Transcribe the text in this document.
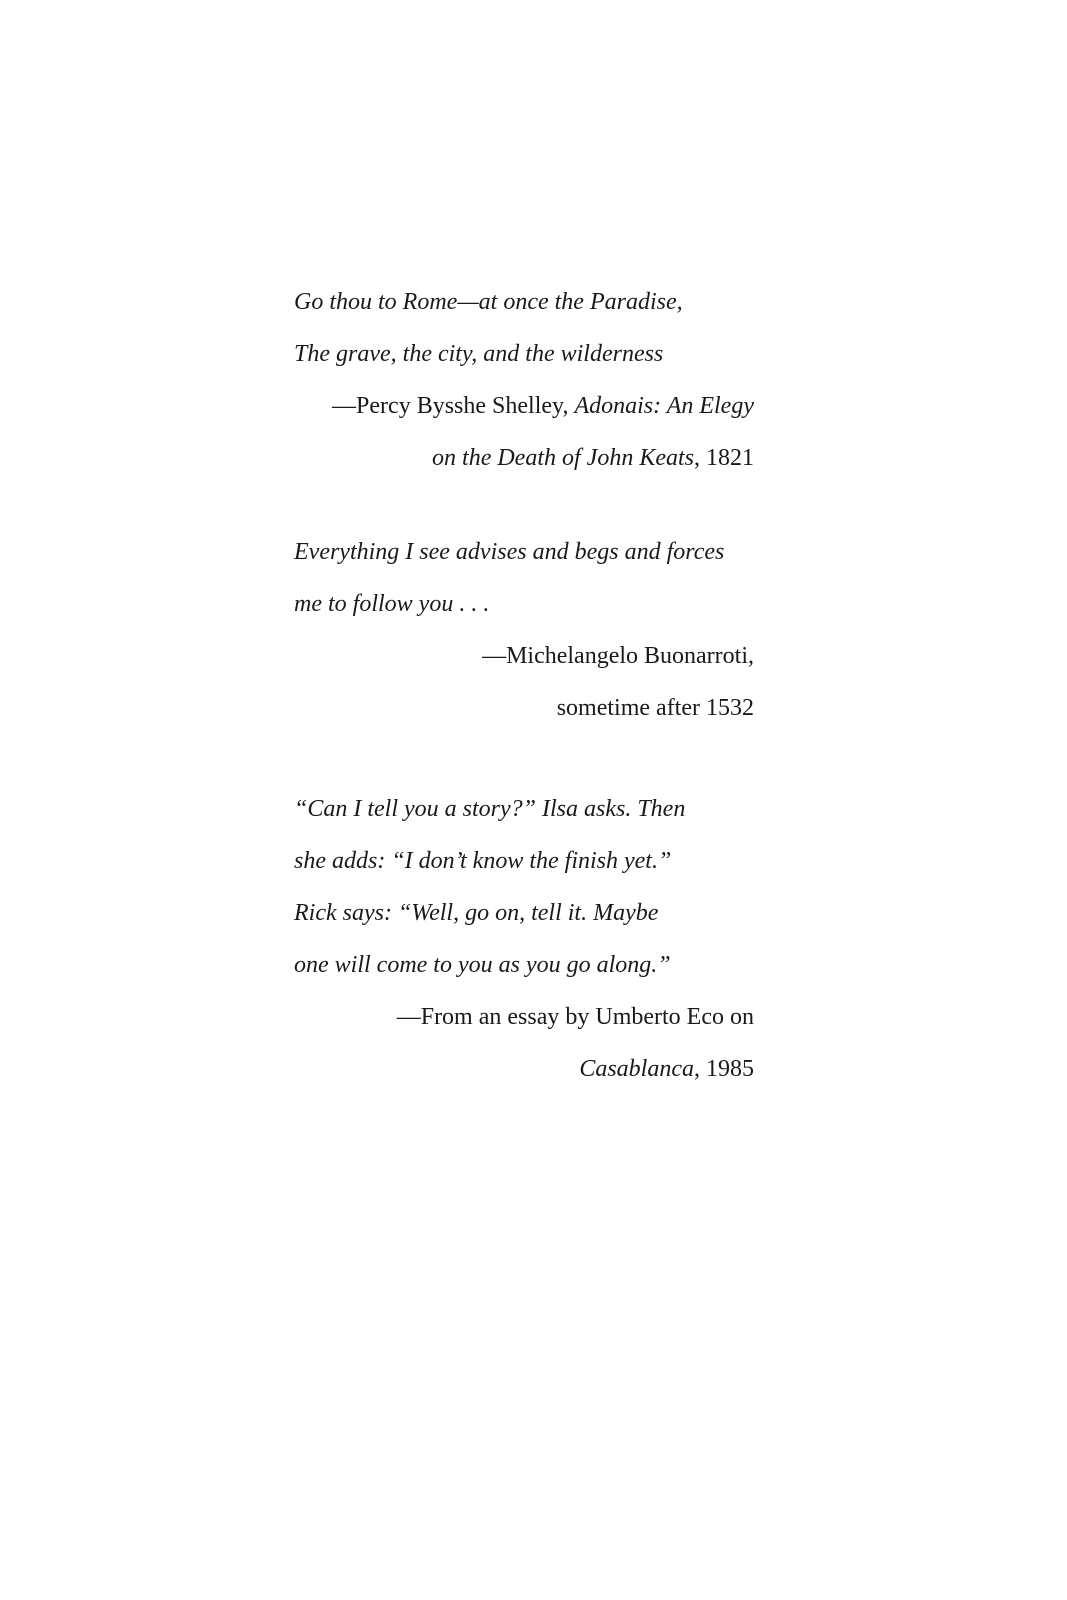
Go thou to Rome—at once the Paradise,
The grave, the city, and the wilderness
—Percy Bysshe Shelley, Adonais: An Elegy
on the Death of John Keats, 1821
Everything I see advises and begs and forces
me to follow you . . .
—Michelangelo Buonarroti,
sometime after 1532
“Can I tell you a story?” Ilsa asks. Then
she adds: “I don’t know the finish yet.”
Rick says: “Well, go on, tell it. Maybe
one will come to you as you go along.”
—From an essay by Umberto Eco on
Casablanca, 1985
